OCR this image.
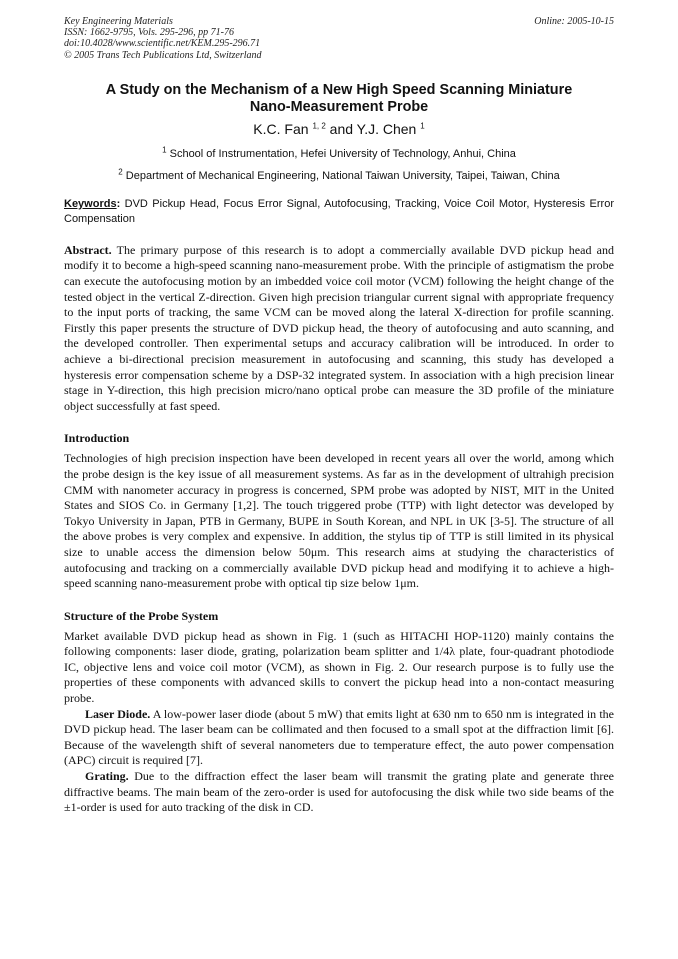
Key Engineering Materials
ISSN: 1662-9795, Vols. 295-296, pp 71-76
doi:10.4028/www.scientific.net/KEM.295-296.71
© 2005 Trans Tech Publications Ltd, Switzerland
Online: 2005-10-15
A Study on the Mechanism of a New High Speed Scanning Miniature
Nano-Measurement Probe
K.C. Fan $^{1, 2}$ and Y.J. Chen $^1$
$^1$ School of Instrumentation, Hefei University of Technology, Anhui, China
$^2$ Department of Mechanical Engineering, National Taiwan University, Taipei, Taiwan, China

Keywords: DVD Pickup Head, Focus Error Signal, Autofocusing, Tracking, Voice Coil Motor, Hysteresis Error Compensation

Abstract. The primary purpose of this research is to adopt a commercially available DVD pickup head and modify it to become a high-speed scanning nano-measurement probe. With the principle of astigmatism the probe can execute the autofocusing motion by an imbedded voice coil motor (VCM) following the height change of the tested object in the vertical Z-direction. Given high precision triangular current signal with appropriate frequency to the input ports of tracking, the same VCM can be moved along the lateral X-direction for profile scanning. Firstly this paper presents the structure of DVD pickup head, the theory of autofocusing and auto scanning, and the developed controller. Then experimental setups and accuracy calibration will be introduced. In order to achieve a bi-directional precision measurement in autofocusing and scanning, this study has developed a hysteresis error compensation scheme by a DSP-32 integrated system. In association with a high precision linear stage in Y-direction, this high precision micro/nano optical probe can measure the 3D profile of the miniature object successfully at fast speed.

Introduction

Technologies of high precision inspection have been developed in recent years all over the world, among which the probe design is the key issue of all measurement systems. As far as in the development of ultrahigh precision CMM with nanometer accuracy in progress is concerned, SPM probe was adopted by NIST, MIT in the United States and SIOS Co. in Germany [1,2]. The touch triggered probe (TTP) with light detector was developed by Tokyo University in Japan, PTB in Germany, BUPE in South Korean, and NPL in UK [3-5]. The structure of all the above probes is very complex and expensive. In addition, the stylus tip of TTP is still limited in its physical size to unable access the dimension below 50μm. This research aims at studying the characteristics of autofocusing and tracking on a commercially available DVD pickup head and modifying it to achieve a high-speed scanning nano-measurement probe with optical tip size below 1μm.

Structure of the Probe System

Market available DVD pickup head as shown in Fig. 1 (such as HITACHI HOP-1120) mainly contains the following components: laser diode, grating, polarization beam splitter and 1/4λ plate, four-quadrant photodiode IC, objective lens and voice coil motor (VCM), as shown in Fig. 2. Our research purpose is to fully use the properties of these components with advanced skills to convert the pickup head into a non-contact measuring probe.

Laser Diode. A low-power laser diode (about 5 mW) that emits light at 630 nm to 650 nm is integrated in the DVD pickup head. The laser beam can be collimated and then focused to a small spot at the diffraction limit [6]. Because of the wavelength shift of several nanometers due to temperature effect, the auto power compensation (APC) circuit is required [7].

Grating. Due to the diffraction effect the laser beam will transmit the grating plate and generate three diffractive beams. The main beam of the zero-order is used for autofocusing the disk while two side beams of the ±1-order is used for auto tracking of the disk in CD.
